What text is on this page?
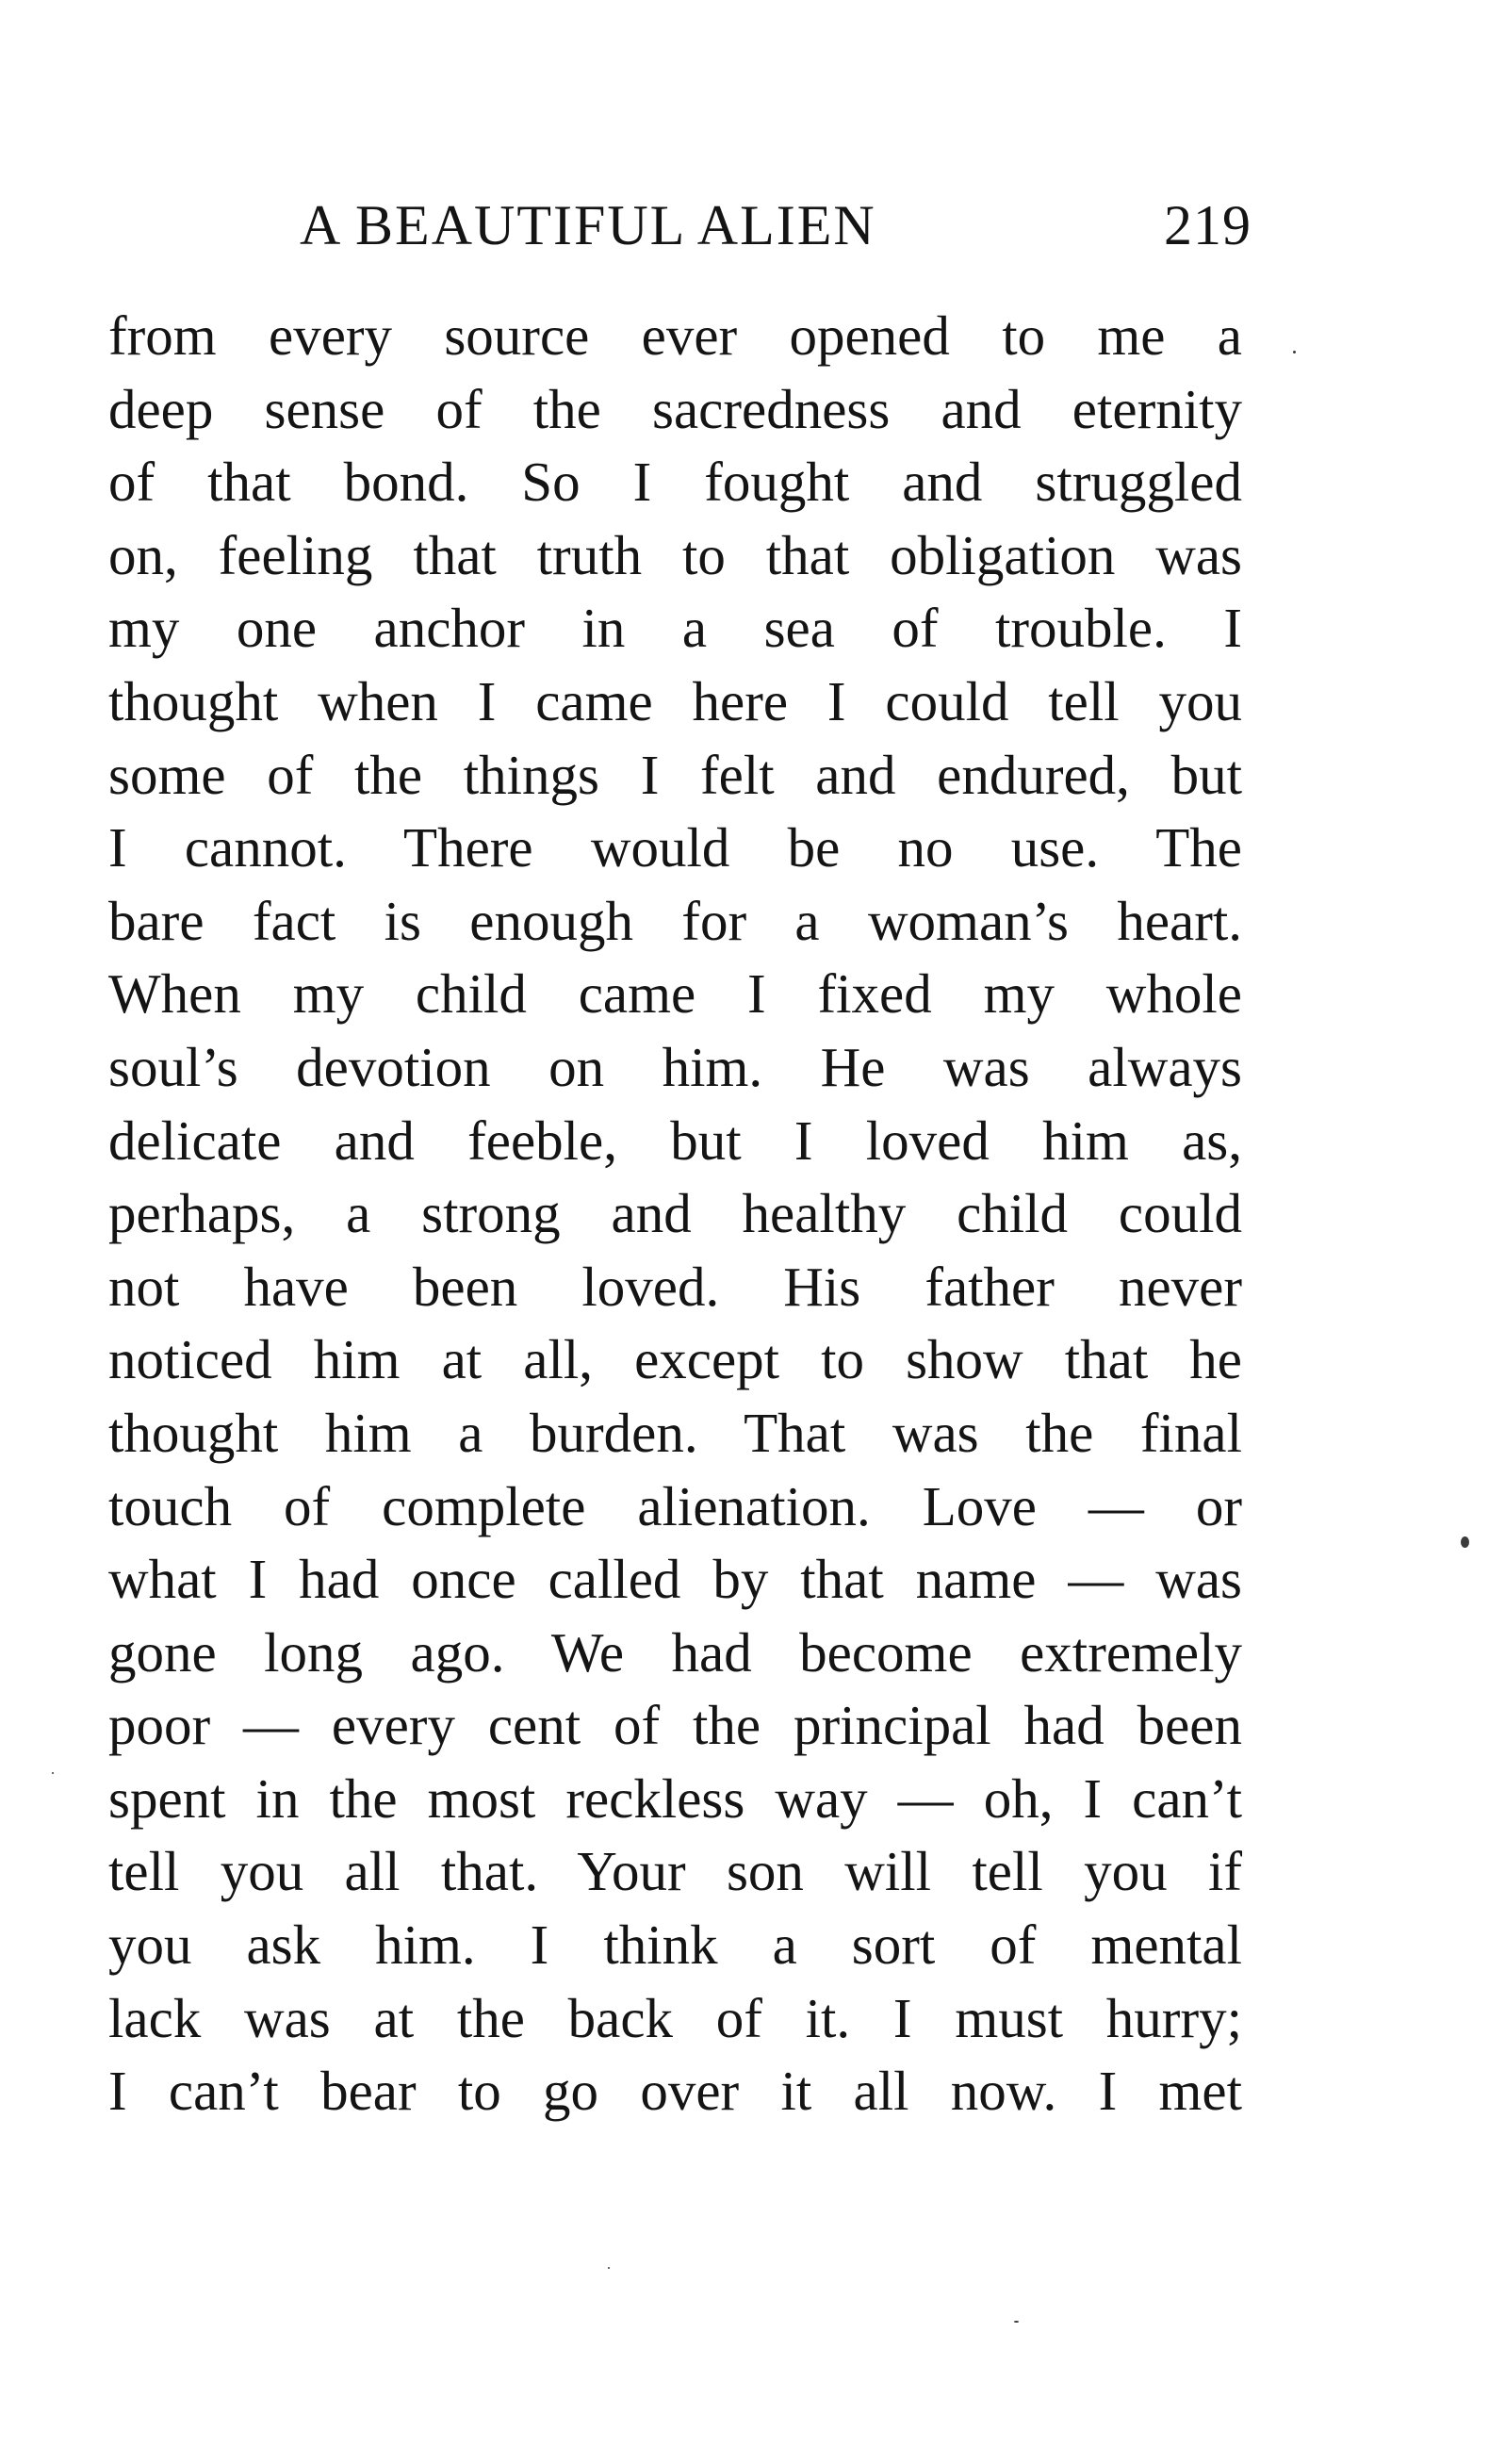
A BEAUTIFUL ALIEN	219
from every source ever opened to me a
deep sense of the sacredness and eternity
of that bond. So I fought and struggled
on, feeling that truth to that obligation was
my one anchor in a sea of trouble. I
thought when I came here I could tell you
some of the things I felt and endured, but
I cannot. There would be no use. The
bare fact is enough for a woman’s heart.
When my child came I fixed my whole
soul’s devotion on him. He was always
delicate and feeble, but I loved him as,
perhaps, a strong and healthy child could
not have been loved. His father never
noticed him at all, except to show that he
thought him a burden. That was the final
touch of complete alienation. Love — or
what I had once called by that name — was
gone long ago. We had become extremely
poor — every cent of the principal had been
spent in the most reckless way — oh, I can’t
tell you all that. Your son will tell you if
you ask him. I think a sort of mental
lack was at the back of it. I must hurry;
I can’t bear to go over it all now. I met
